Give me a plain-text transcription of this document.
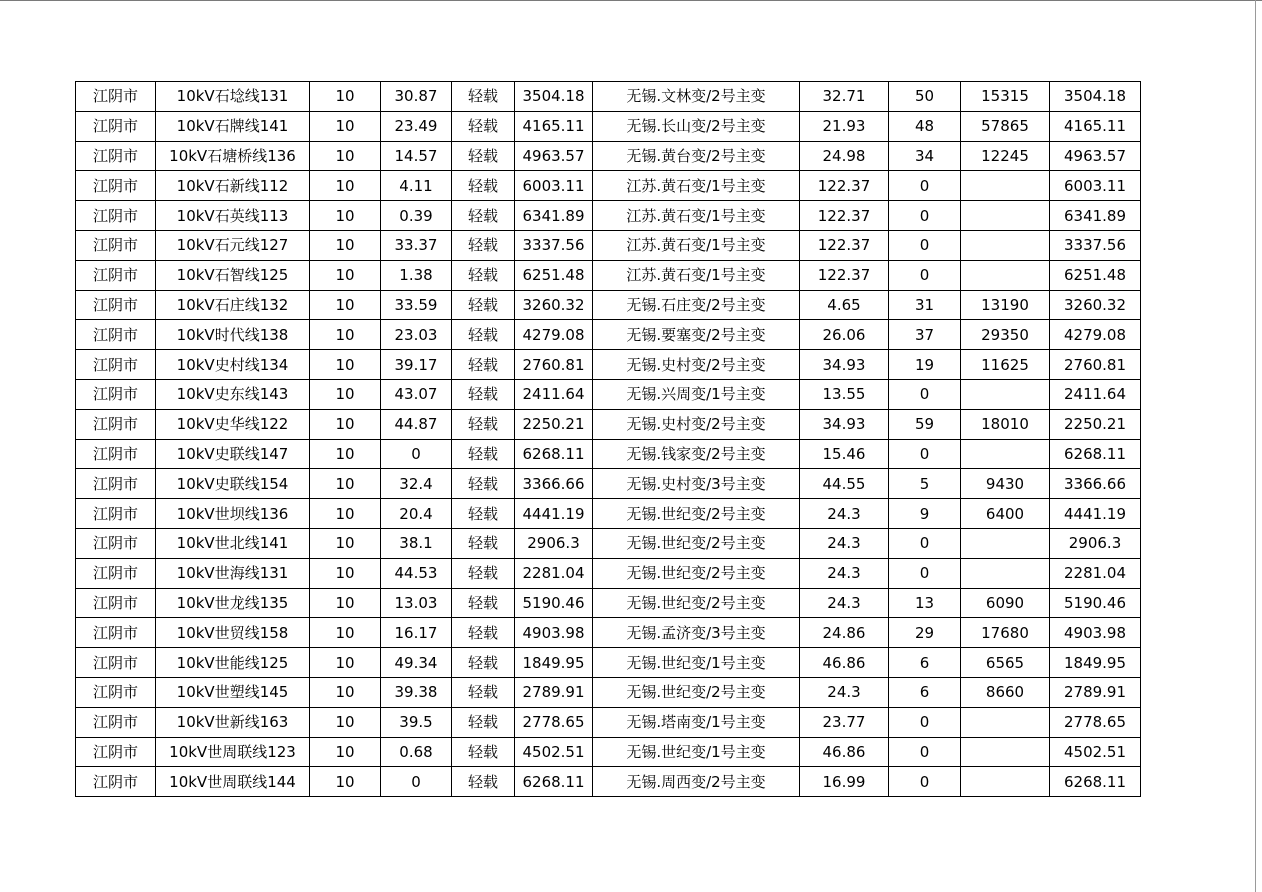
江阴市	10kV石埝线131	10	30.87	轻载	3504.18	无锡.文林变/2号主变	32.71	50	15315	3504.18
江阴市	10kV石牌线141	10	23.49	轻载	4165.11	无锡.长山变/2号主变	21.93	48	57865	4165.11
江阴市	10kV石塘桥线136	10	14.57	轻载	4963.57	无锡.黄台变/2号主变	24.98	34	12245	4963.57
江阴市	10kV石新线112	10	4.11	轻载	6003.11	江苏.黄石变/1号主变	122.37	0		6003.11
江阴市	10kV石英线113	10	0.39	轻载	6341.89	江苏.黄石变/1号主变	122.37	0		6341.89
江阴市	10kV石元线127	10	33.37	轻载	3337.56	江苏.黄石变/1号主变	122.37	0		3337.56
江阴市	10kV石智线125	10	1.38	轻载	6251.48	江苏.黄石变/1号主变	122.37	0		6251.48
江阴市	10kV石庄线132	10	33.59	轻载	3260.32	无锡.石庄变/2号主变	4.65	31	13190	3260.32
江阴市	10kV时代线138	10	23.03	轻载	4279.08	无锡.要塞变/2号主变	26.06	37	29350	4279.08
江阴市	10kV史村线134	10	39.17	轻载	2760.81	无锡.史村变/2号主变	34.93	19	11625	2760.81
江阴市	10kV史东线143	10	43.07	轻载	2411.64	无锡.兴周变/1号主变	13.55	0		2411.64
江阴市	10kV史华线122	10	44.87	轻载	2250.21	无锡.史村变/2号主变	34.93	59	18010	2250.21
江阴市	10kV史联线147	10	0	轻载	6268.11	无锡.钱家变/2号主变	15.46	0		6268.11
江阴市	10kV史联线154	10	32.4	轻载	3366.66	无锡.史村变/3号主变	44.55	5	9430	3366.66
江阴市	10kV世坝线136	10	20.4	轻载	4441.19	无锡.世纪变/2号主变	24.3	9	6400	4441.19
江阴市	10kV世北线141	10	38.1	轻载	2906.3	无锡.世纪变/2号主变	24.3	0		2906.3
江阴市	10kV世海线131	10	44.53	轻载	2281.04	无锡.世纪变/2号主变	24.3	0		2281.04
江阴市	10kV世龙线135	10	13.03	轻载	5190.46	无锡.世纪变/2号主变	24.3	13	6090	5190.46
江阴市	10kV世贸线158	10	16.17	轻载	4903.98	无锡.孟济变/3号主变	24.86	29	17680	4903.98
江阴市	10kV世能线125	10	49.34	轻载	1849.95	无锡.世纪变/1号主变	46.86	6	6565	1849.95
江阴市	10kV世塑线145	10	39.38	轻载	2789.91	无锡.世纪变/2号主变	24.3	6	8660	2789.91
江阴市	10kV世新线163	10	39.5	轻载	2778.65	无锡.塔南变/1号主变	23.77	0		2778.65
江阴市	10kV世周联线123	10	0.68	轻载	4502.51	无锡.世纪变/1号主变	46.86	0		4502.51
江阴市	10kV世周联线144	10	0	轻载	6268.11	无锡.周西变/2号主变	16.99	0		6268.11
